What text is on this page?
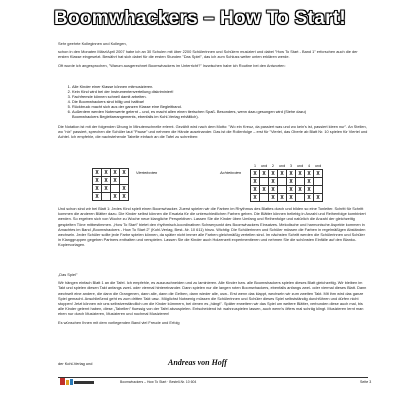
Boomwhackers – How To Start!

Sehr geehrte Kolleginnen und Kollegen,

schon in den Monaten März/April 2007 habe ich an 30 Schulen mit über 2200 Schülerinnen und Schülern musiziert und dabei "How To Start - Band 1" erforschen auch die der ersten Klasse eingesetzt. Bewährt hat sich dabei für die ersten Stunden "Das Spiel", das ich zum Schluss weiter unten erklären werde.

Oft wurde ich angesprochen, "Warum ausgerechnet Boomwhackers im Unterricht?" Inzwischen habe ich Routine bei den Antworten:

1. Alle Kinder einer Klasse können mitmusizieren.
2. Kein Kind wird bei der Instrumentenverteilung diskriminiert!
3. Fachfremde können schnell damit arbeiten.
4. Die Boomwhackers sind billig und haltbar!
5. Rückbruck macht sich aus der ganzen Klasse eine Begleitband.
6. Außerdem werden Notenwerte gelernt – und, es macht allen einen tierischen Spaß. Besonders, wenn dazu gesungen wird (Siehe dazu) Boomwhackers Begleitarrangements, ebenfalls im Kohl-Verlag erhältlich).

Die Notation ist mit der folgenden Übung in Minutenschnelle erlernt. Gezählt wird nach dem Motto: "Wo ein Kreuz, da passiert was und wo kein's ist, passiert kleen nur". An Stellen, wo "nix" passiert, sprechen die Schüler laut "Pause" und nehmen die Hände auseinander. Das ist die Rollenfolge – erst für "Vierlel, das Oberle ab Blatt Nr. 10 spielen für Viertel und Achtel. Ich empfehle, die nachstehende Tabelle einfach an die Tafel zu schreiben:

X	X	X	X
X	X	X	
X	X		X
X		X	X
Viertelnoten
1	und	2	und	3	und	4	und
X	X	X	X	X	X	X	X
X		X		X		X	
X	X	X		X	X	X	
X		X	X	X		X	X
Achtelnoten

Und schon sind wir bei Blatt 1: Jedes Kind spielt einen Boomwhacker. Zuerst spielen wir die Farben im Rhythmus des Blattes durch und bilden so eine Tonleiter. Schritt für Schritt kommen die anderen Blätter dazu. Die Kinder selbst können die Ersatzia für die unterschiedlichen Farben geben. Die Blätter können beliebig in Anzahl und Reihenfolge kombiniert werden. So ergeben sich von Woche zu Woche neue klangliche Perspektiven. Lassen Sie die Kinder üben Umfang und Reihenfolge und natürlich die Anzahl der gleichzeitig gespielten Töne mitbestimmen. „How To Start" bietet den rhythmisch-koordinativen Schwerpunkt des Boomwhackers Einsatzes. Melodische und harmonische Aspekte kommen in Amachtes im Band „Boomwhackers - How To Start 2" (Kohl-Verlag, Best.-Nr. 10 611) hinzu. Wichtig: Die Schülerinnen und Schüler müssen die Farben in regelmäßigen Abständen wechseln. Jeder Schüler sollte jede Farbe spielen können, da später nicht immer alle Farben gleichmäßig verteilen sind. Im nächsten Schritt werden die Schülerinnen und Schüler in Klanggruppen gegeben Partners enthalten und verspielen. Lassen Sie die Kinder auch Holzenzeit experimentieren und nehmen Sie die schönsten Einfälle auf den Blanko-Kopiervorlagen.

„Das Spiel"

Wir hängen einfach Blatt 1 an die Tafel. Ich empfehle, es auszuschneiden und zu laminieren. Alle Kinder bzw. alle Boomwhackers spielen dieses Blatt gleichzeitig. Wir bleiben im Takt und spielen diesen Takt anfangs zwei- oder viermal hintereinander. Dann spielen nur die langen roten Boomwhackers, ebenfalls anfangs zwei- oder viermal dieses Blatt. Dann wechselt eine andere, die dann die Orangenen, dann alle, dann die Gelben, dann wieder alle, usw.. Erst wenn das klappt, wechseln wir zum zweiten Takt. Mit ihm wird das ganze Spiel gemacht. Anschließend geht es zum dritten Takt usw.. Möglichst Notwenig müssen die Schülerinnen und Schüler dieses Spiel selbstständig durchführen und dürfen nicht stoppen! Jetzt können wir uns selbstverständlich um die Kinder kümmern, bei denen es „hängt". Später erweitern wir das Spiel um weitere Blätter, verbunden diese auch mal, bis alle Kinder gelernt haben, diese „Tabellen" fluessig von der Tafel abzuspielen. Entscheidend ist: wahrzuspielen lassen, auch wenn's öfters mal schräg klingt. Musizieren lernt man eben nur durch Musizieren, Musizieren und nochmal Musizieren!

Es wünschen Ihnen mit dem vorliegenden Band viel Freude und Erfolg

der Kohl-Verlag und	Andreas von Hoff
Boomwhackers – How To Start · Bestell-Nr. 10 604	Seite 3
